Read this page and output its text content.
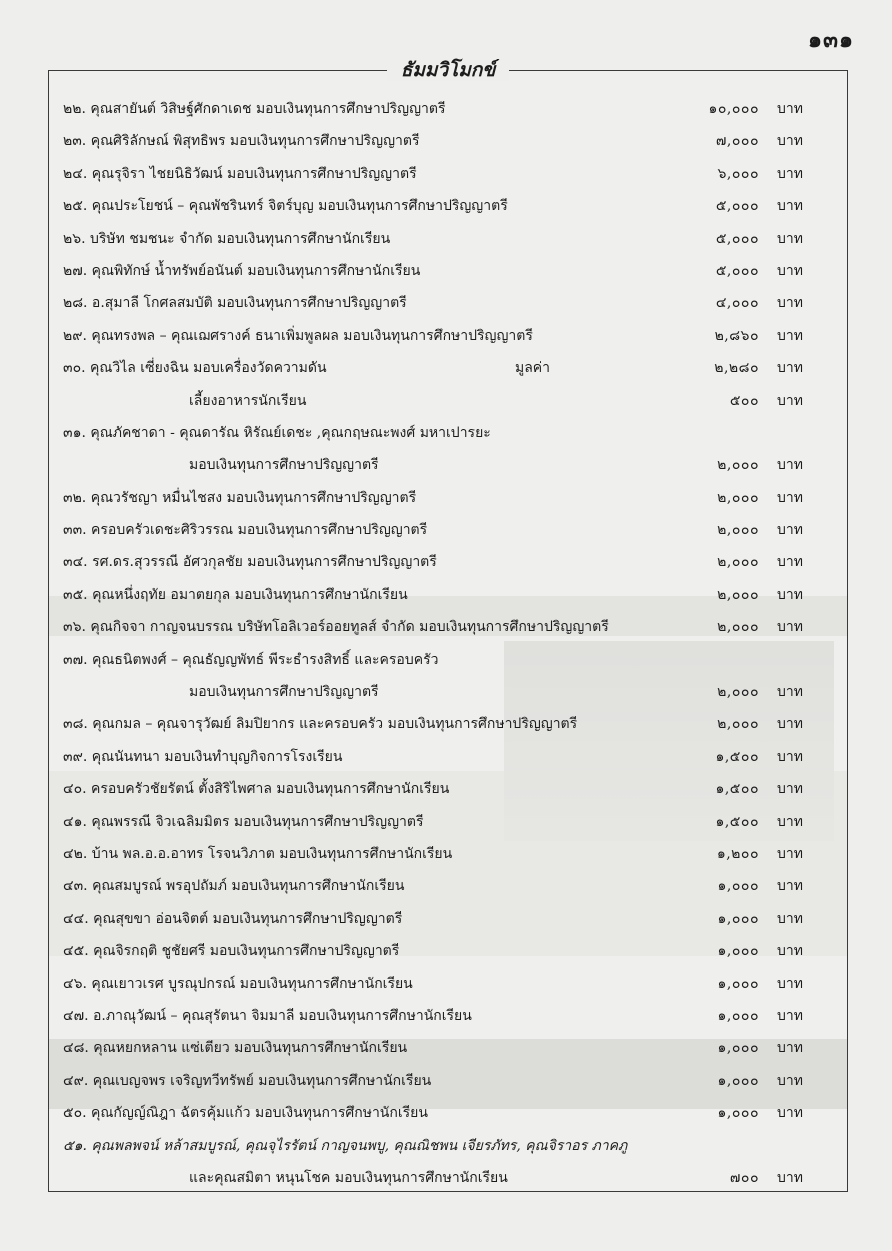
๑๓๑
ธัมมวิโมกข์
๒๒. คุณสายันต์ วิสิษฐ์ศักดาเดช มอบเงินทุนการศึกษาปริญญาตรี	๑๐,๐๐๐ บาท
๒๓. คุณศิริลักษณ์ พิสุทธิพร มอบเงินทุนการศึกษาปริญญาตรี	๗,๐๐๐ บาท
๒๔. คุณรุจิรา ไชยนิธิวัฒน์ มอบเงินทุนการศึกษาปริญญาตรี	๖,๐๐๐ บาท
๒๕. คุณประโยชน์ – คุณพัชรินทร์ จิตร์บุญ มอบเงินทุนการศึกษาปริญญาตรี	๕,๐๐๐ บาท
๒๖. บริษัท ชมชนะ จำกัด มอบเงินทุนการศึกษานักเรียน	๕,๐๐๐ บาท
๒๗. คุณพิทักษ์ น้ำทรัพย์อนันต์ มอบเงินทุนการศึกษานักเรียน	๕,๐๐๐ บาท
๒๘. อ.สุมาลี โกศลสมบัติ มอบเงินทุนการศึกษาปริญญาตรี	๔,๐๐๐ บาท
๒๙. คุณทรงพล – คุณเฌศรางค์ ธนาเพิ่มพูลผล มอบเงินทุนการศึกษาปริญญาตรี	๒,๘๖๐ บาท
๓๐. คุณวิไล เซี่ยงฉิน มอบเครื่องวัดความดัน	มูลค่า	๒,๒๘๐ บาท
เลี้ยงอาหารนักเรียน	๕๐๐ บาท
๓๑. คุณภัคชาดา - คุณดารัณ หิรัณย์เดชะ ,คุณกฤษณะพงศ์ มหาเปารยะ
มอบเงินทุนการศึกษาปริญญาตรี	๒,๐๐๐ บาท
๓๒. คุณวรัชญา หมื่นไชสง มอบเงินทุนการศึกษาปริญญาตรี	๒,๐๐๐ บาท
๓๓. ครอบครัวเดชะศิริวรรณ มอบเงินทุนการศึกษาปริญญาตรี	๒,๐๐๐ บาท
๓๔. รศ.ดร.สุวรรณี อัศวกุลชัย มอบเงินทุนการศึกษาปริญญาตรี	๒,๐๐๐ บาท
๓๕. คุณหนึ่งฤทัย อมาตยกุล มอบเงินทุนการศึกษานักเรียน	๒,๐๐๐ บาท
๓๖. คุณกิจจา กาญจนบรรณ บริษัทโอลิเวอร์ออยทูลส์ จำกัด มอบเงินทุนการศึกษาปริญญาตรี	๒,๐๐๐ บาท
๓๗. คุณธนิตพงศ์ – คุณธัญญพัทธ์ พีระธำรงสิทธิ์ และครอบครัว
มอบเงินทุนการศึกษาปริญญาตรี	๒,๐๐๐ บาท
๓๘. คุณกมล – คุณจารุวัฒย์ ลิมปิยากร และครอบครัว มอบเงินทุนการศึกษาปริญญาตรี	๒,๐๐๐ บาท
๓๙. คุณนันทนา มอบเงินทำบุญกิจการโรงเรียน	๑,๕๐๐ บาท
๔๐. ครอบครัวชัยรัตน์ ตั้งสิริไพศาล มอบเงินทุนการศึกษานักเรียน	๑,๕๐๐ บาท
๔๑. คุณพรรณี จิวเฉลิมมิตร มอบเงินทุนการศึกษาปริญญาตรี	๑,๕๐๐ บาท
๔๒. บ้าน พล.อ.อ.อาทร โรจนวิภาต มอบเงินทุนการศึกษานักเรียน	๑,๒๐๐ บาท
๔๓. คุณสมบูรณ์ พรอุปถัมภ์ มอบเงินทุนการศึกษานักเรียน	๑,๐๐๐ บาท
๔๔. คุณสุขขา อ่อนจิตต์ มอบเงินทุนการศึกษาปริญญาตรี	๑,๐๐๐ บาท
๔๕. คุณจิรกฤติ ชูชัยศรี มอบเงินทุนการศึกษาปริญญาตรี	๑,๐๐๐ บาท
๔๖. คุณเยาวเรศ บูรณุปกรณ์ มอบเงินทุนการศึกษานักเรียน	๑,๐๐๐ บาท
๔๗. อ.ภาณุวัฒน์ – คุณสุรัตนา จิมมาลี มอบเงินทุนการศึกษานักเรียน	๑,๐๐๐ บาท
๔๘. คุณหยกหลาน แซ่เตียว มอบเงินทุนการศึกษานักเรียน	๑,๐๐๐ บาท
๔๙. คุณเบญจพร เจริญทวีทรัพย์ มอบเงินทุนการศึกษานักเรียน	๑,๐๐๐ บาท
๕๐. คุณกัญญ์ณิฎา ฉัตรคุ้มแก้ว มอบเงินทุนการศึกษานักเรียน	๑,๐๐๐ บาท
๕๑. คุณพลพจน์ หล้าสมบูรณ์, คุณจุไรรัตน์ กาญจนพบู, คุณณิชพน เจียรภัทร, คุณจิราอร ภาคภู
และคุณสมิตา หนุนโชค มอบเงินทุนการศึกษานักเรียน	๗๐๐ บาท
